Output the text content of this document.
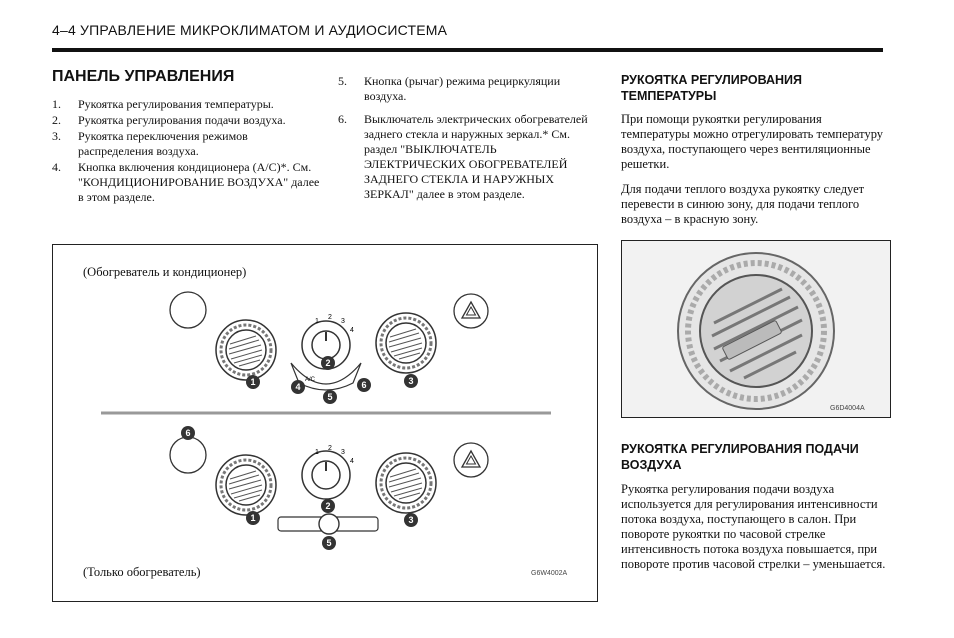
4–4 УПРАВЛЕНИЕ МИКРОКЛИМАТОМ И АУДИОСИСТЕМА
ПАНЕЛЬ УПРАВЛЕНИЯ
1. Рукоятка регулирования температуры.
2. Рукоятка регулирования подачи воздуха.
3. Рукоятка переключения режимов распределения воздуха.
4. Кнопка включения кондиционера (A/C)*. См. "КОНДИЦИОНИРОВАНИЕ ВОЗДУХА" далее в этом разделе.
5. Кнопка (рычаг) режима рециркуляции воздуха.
6. Выключатель электрических обогревателей заднего стекла и наружных зеркал.* См. раздел "ВЫКЛЮЧАТЕЛЬ ЭЛЕКТРИЧЕСКИХ ОБОГРЕВАТЕЛЕЙ ЗАДНЕГО СТЕКЛА И НАРУЖНЫХ ЗЕРКАЛ" далее в этом разделе.
РУКОЯТКА РЕГУЛИРОВАНИЯ ТЕМПЕРАТУРЫ

При помощи рукоятки регулирования температуры можно отрегулировать температуру воздуха, поступающего через вентиляционные решетки.

Для подачи теплого воздуха рукоятку следует перевести в синюю зону, для подачи теплого воздуха – в красную зону.

1
2
3
4
A/C
1
2
3
4
1
2
3
4
5
6
6
1
2
3
5
(Обогреватель и кондиционер)
(Только обогреватель)	G6W4002A
G6D4004A
РУКОЯТКА РЕГУЛИРОВАНИЯ ПОДАЧИ ВОЗДУХА

Рукоятка регулирования подачи воздуха используется для регулирования интенсивности потока воздуха, поступающего в салон. При повороте рукоятки по часовой стрелке интенсивность потока воздуха повышается, при повороте против часовой стрелки – уменьшается.
